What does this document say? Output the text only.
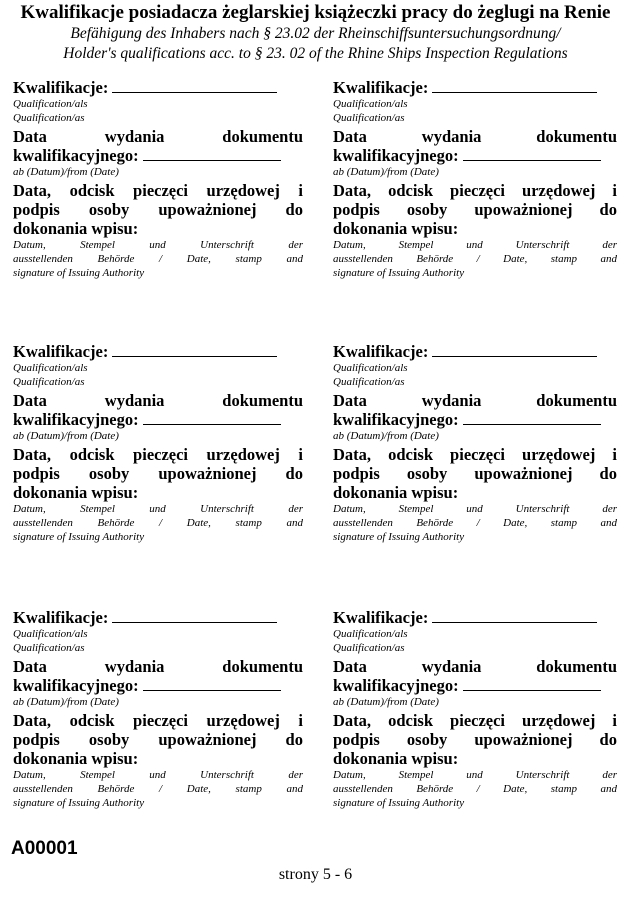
Kwalifikacje posiadacza żeglarskiej książeczki pracy do żeglugi na Renie
Befähigung des Inhabers nach § 23.02 der Rheinschiffsuntersuchungsordnung/
Holder's qualifications acc. to § 23. 02 of the Rhine Ships Inspection Regulations
Kwalifikacje:
Qualification/als
Qualification/as
Data wydania dokumentu
kwalifikacyjnego:
ab (Datum)/from (Date)
Data, odcisk pieczęci urzędowej i
podpis osoby upoważnionej do
dokonania wpisu:
Datum, Stempel und Unterschrift der
ausstellenden Behörde / Date, stamp and
signature of Issuing Authority
Kwalifikacje:
Qualification/als
Qualification/as
Data wydania dokumentu
kwalifikacyjnego:
ab (Datum)/from (Date)
Data, odcisk pieczęci urzędowej i
podpis osoby upoważnionej do
dokonania wpisu:
Datum, Stempel und Unterschrift der
ausstellenden Behörde / Date, stamp and
signature of Issuing Authority
Kwalifikacje:
Qualification/als
Qualification/as
Data wydania dokumentu
kwalifikacyjnego:
ab (Datum)/from (Date)
Data, odcisk pieczęci urzędowej i
podpis osoby upoważnionej do
dokonania wpisu:
Datum, Stempel und Unterschrift der
ausstellenden Behörde / Date, stamp and
signature of Issuing Authority
Kwalifikacje:
Qualification/als
Qualification/as
Data wydania dokumentu
kwalifikacyjnego:
ab (Datum)/from (Date)
Data, odcisk pieczęci urzędowej i
podpis osoby upoważnionej do
dokonania wpisu:
Datum, Stempel und Unterschrift der
ausstellenden Behörde / Date, stamp and
signature of Issuing Authority
Kwalifikacje:
Qualification/als
Qualification/as
Data wydania dokumentu
kwalifikacyjnego:
ab (Datum)/from (Date)
Data, odcisk pieczęci urzędowej i
podpis osoby upoważnionej do
dokonania wpisu:
Datum, Stempel und Unterschrift der
ausstellenden Behörde / Date, stamp and
signature of Issuing Authority
Kwalifikacje:
Qualification/als
Qualification/as
Data wydania dokumentu
kwalifikacyjnego:
ab (Datum)/from (Date)
Data, odcisk pieczęci urzędowej i
podpis osoby upoważnionej do
dokonania wpisu:
Datum, Stempel und Unterschrift der
ausstellenden Behörde / Date, stamp and
signature of Issuing Authority
A00001
strony 5 - 6
